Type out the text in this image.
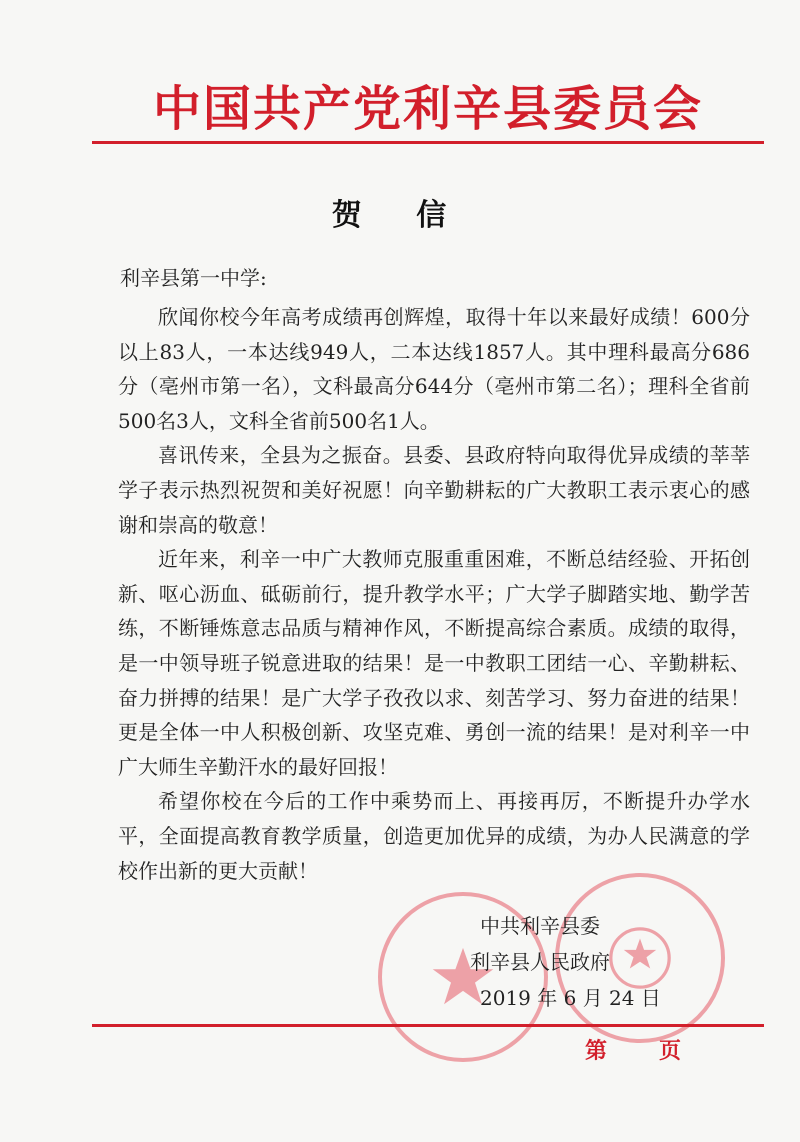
中国共产党利辛县委员会
贺 信
利辛县第一中学:

欣闻你校今年高考成绩再创辉煌，取得十年以来最好成绩！600分以上83人，一本达线949人，二本达线1857人。其中理科最高分686分（亳州市第一名），文科最高分644分（亳州市第二名）；理科全省前500名3人，文科全省前500名1人。

喜讯传来，全县为之振奋。县委、县政府特向取得优异成绩的莘莘学子表示热烈祝贺和美好祝愿！向辛勤耕耘的广大教职工表示衷心的感谢和崇高的敬意！

近年来，利辛一中广大教师克服重重困难，不断总结经验、开拓创新、呕心沥血、砥砺前行，提升教学水平；广大学子脚踏实地、勤学苦练，不断锤炼意志品质与精神作风，不断提高综合素质。成绩的取得，是一中领导班子锐意进取的结果！是一中教职工团结一心、辛勤耕耘、奋力拼搏的结果！是广大学子孜孜以求、刻苦学习、努力奋进的结果！更是全体一中人积极创新、攻坚克难、勇创一流的结果！是对利辛一中广大师生辛勤汗水的最好回报！

希望你校在今后的工作中乘势而上、再接再厉，不断提升办学水平，全面提高教育教学质量，创造更加优异的成绩，为办人民满意的学校作出新的更大贡献！

中共利辛县委
利辛县人民政府
2019 年 6 月 24 日
第 页
